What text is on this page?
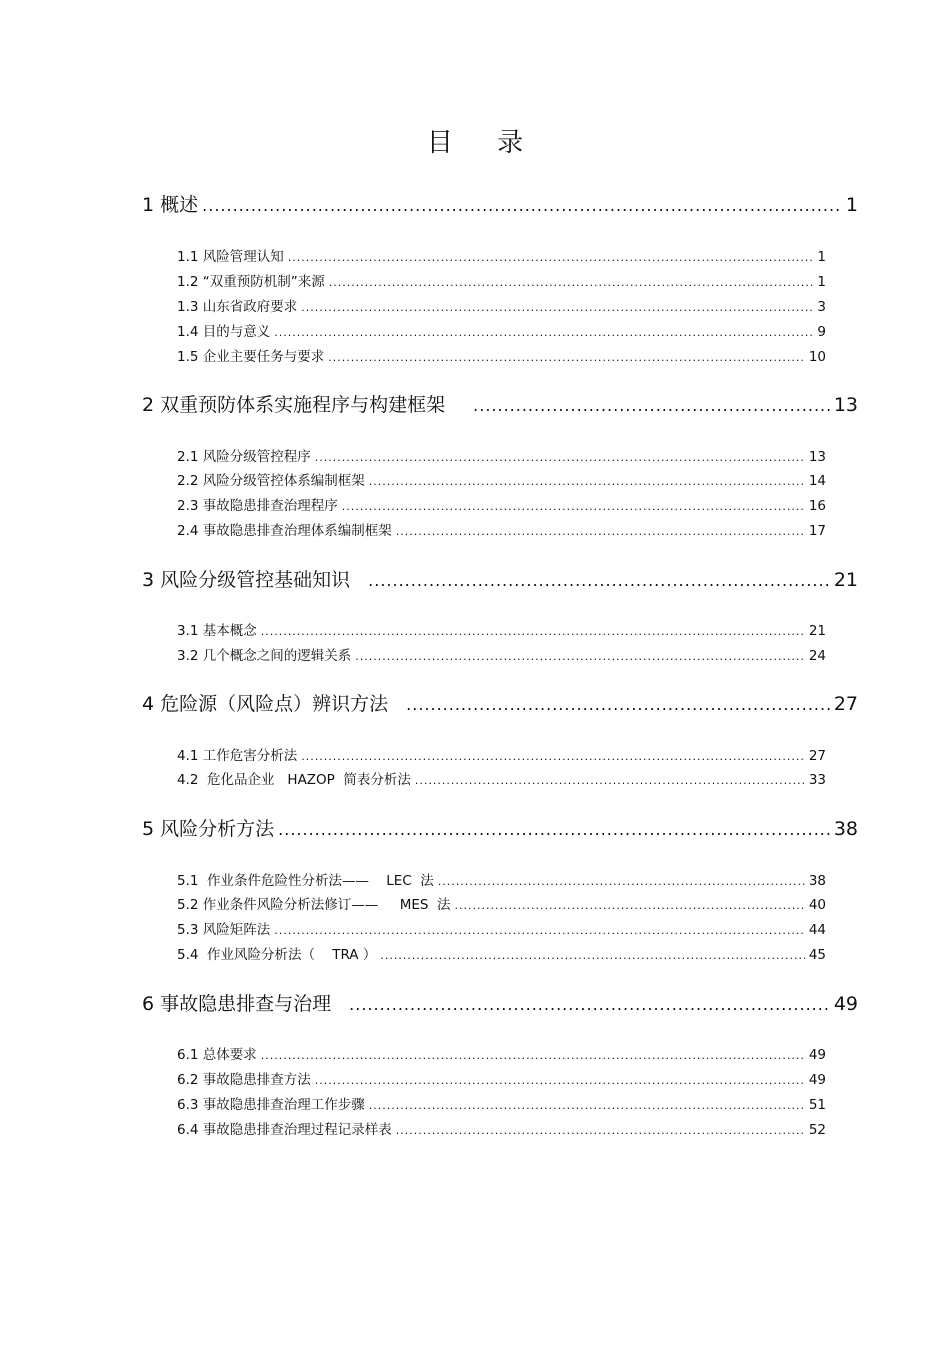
目 录
1 概述 .....	1
1.1 风险管理认知 .....	1
1.2 “双重预防机制”来源 .....	1
1.3 山东省政府要求 .....	3
1.4 目的与意义 .....	9
1.5 企业主要任务与要求 .....	10
2 双重预防体系实施程序与构建框架 .....	13
2.1 风险分级管控程序 .....	13
2.2 风险分级管控体系编制框架 .....	14
2.3 事故隐患排查治理程序 .....	16
2.4 事故隐患排查治理体系编制框架 .....	17
3 风险分级管控基础知识 .....	21
3.1 基本概念 .....	21
3.2 几个概念之间的逻辑关系 .....	24
4 危险源（风险点）辨识方法 .....	27
4.1 工作危害分析法 .....	27
4.2  危化品企业   HAZOP  简表分析法 .....	33
5 风险分析方法 .....	38
5.1  作业条件危险性分析法——    LEC  法 .....	38
5.2 作业条件风险分析法修订——     MES  法 .....	40
5.3 风险矩阵法 .....	44
5.4  作业风险分析法（    TRA ） .....	45
6 事故隐患排查与治理 .....	49
6.1 总体要求 .....	49
6.2 事故隐患排查方法 .....	49
6.3 事故隐患排查治理工作步骤 .....	51
6.4 事故隐患排查治理过程记录样表 .....	52
